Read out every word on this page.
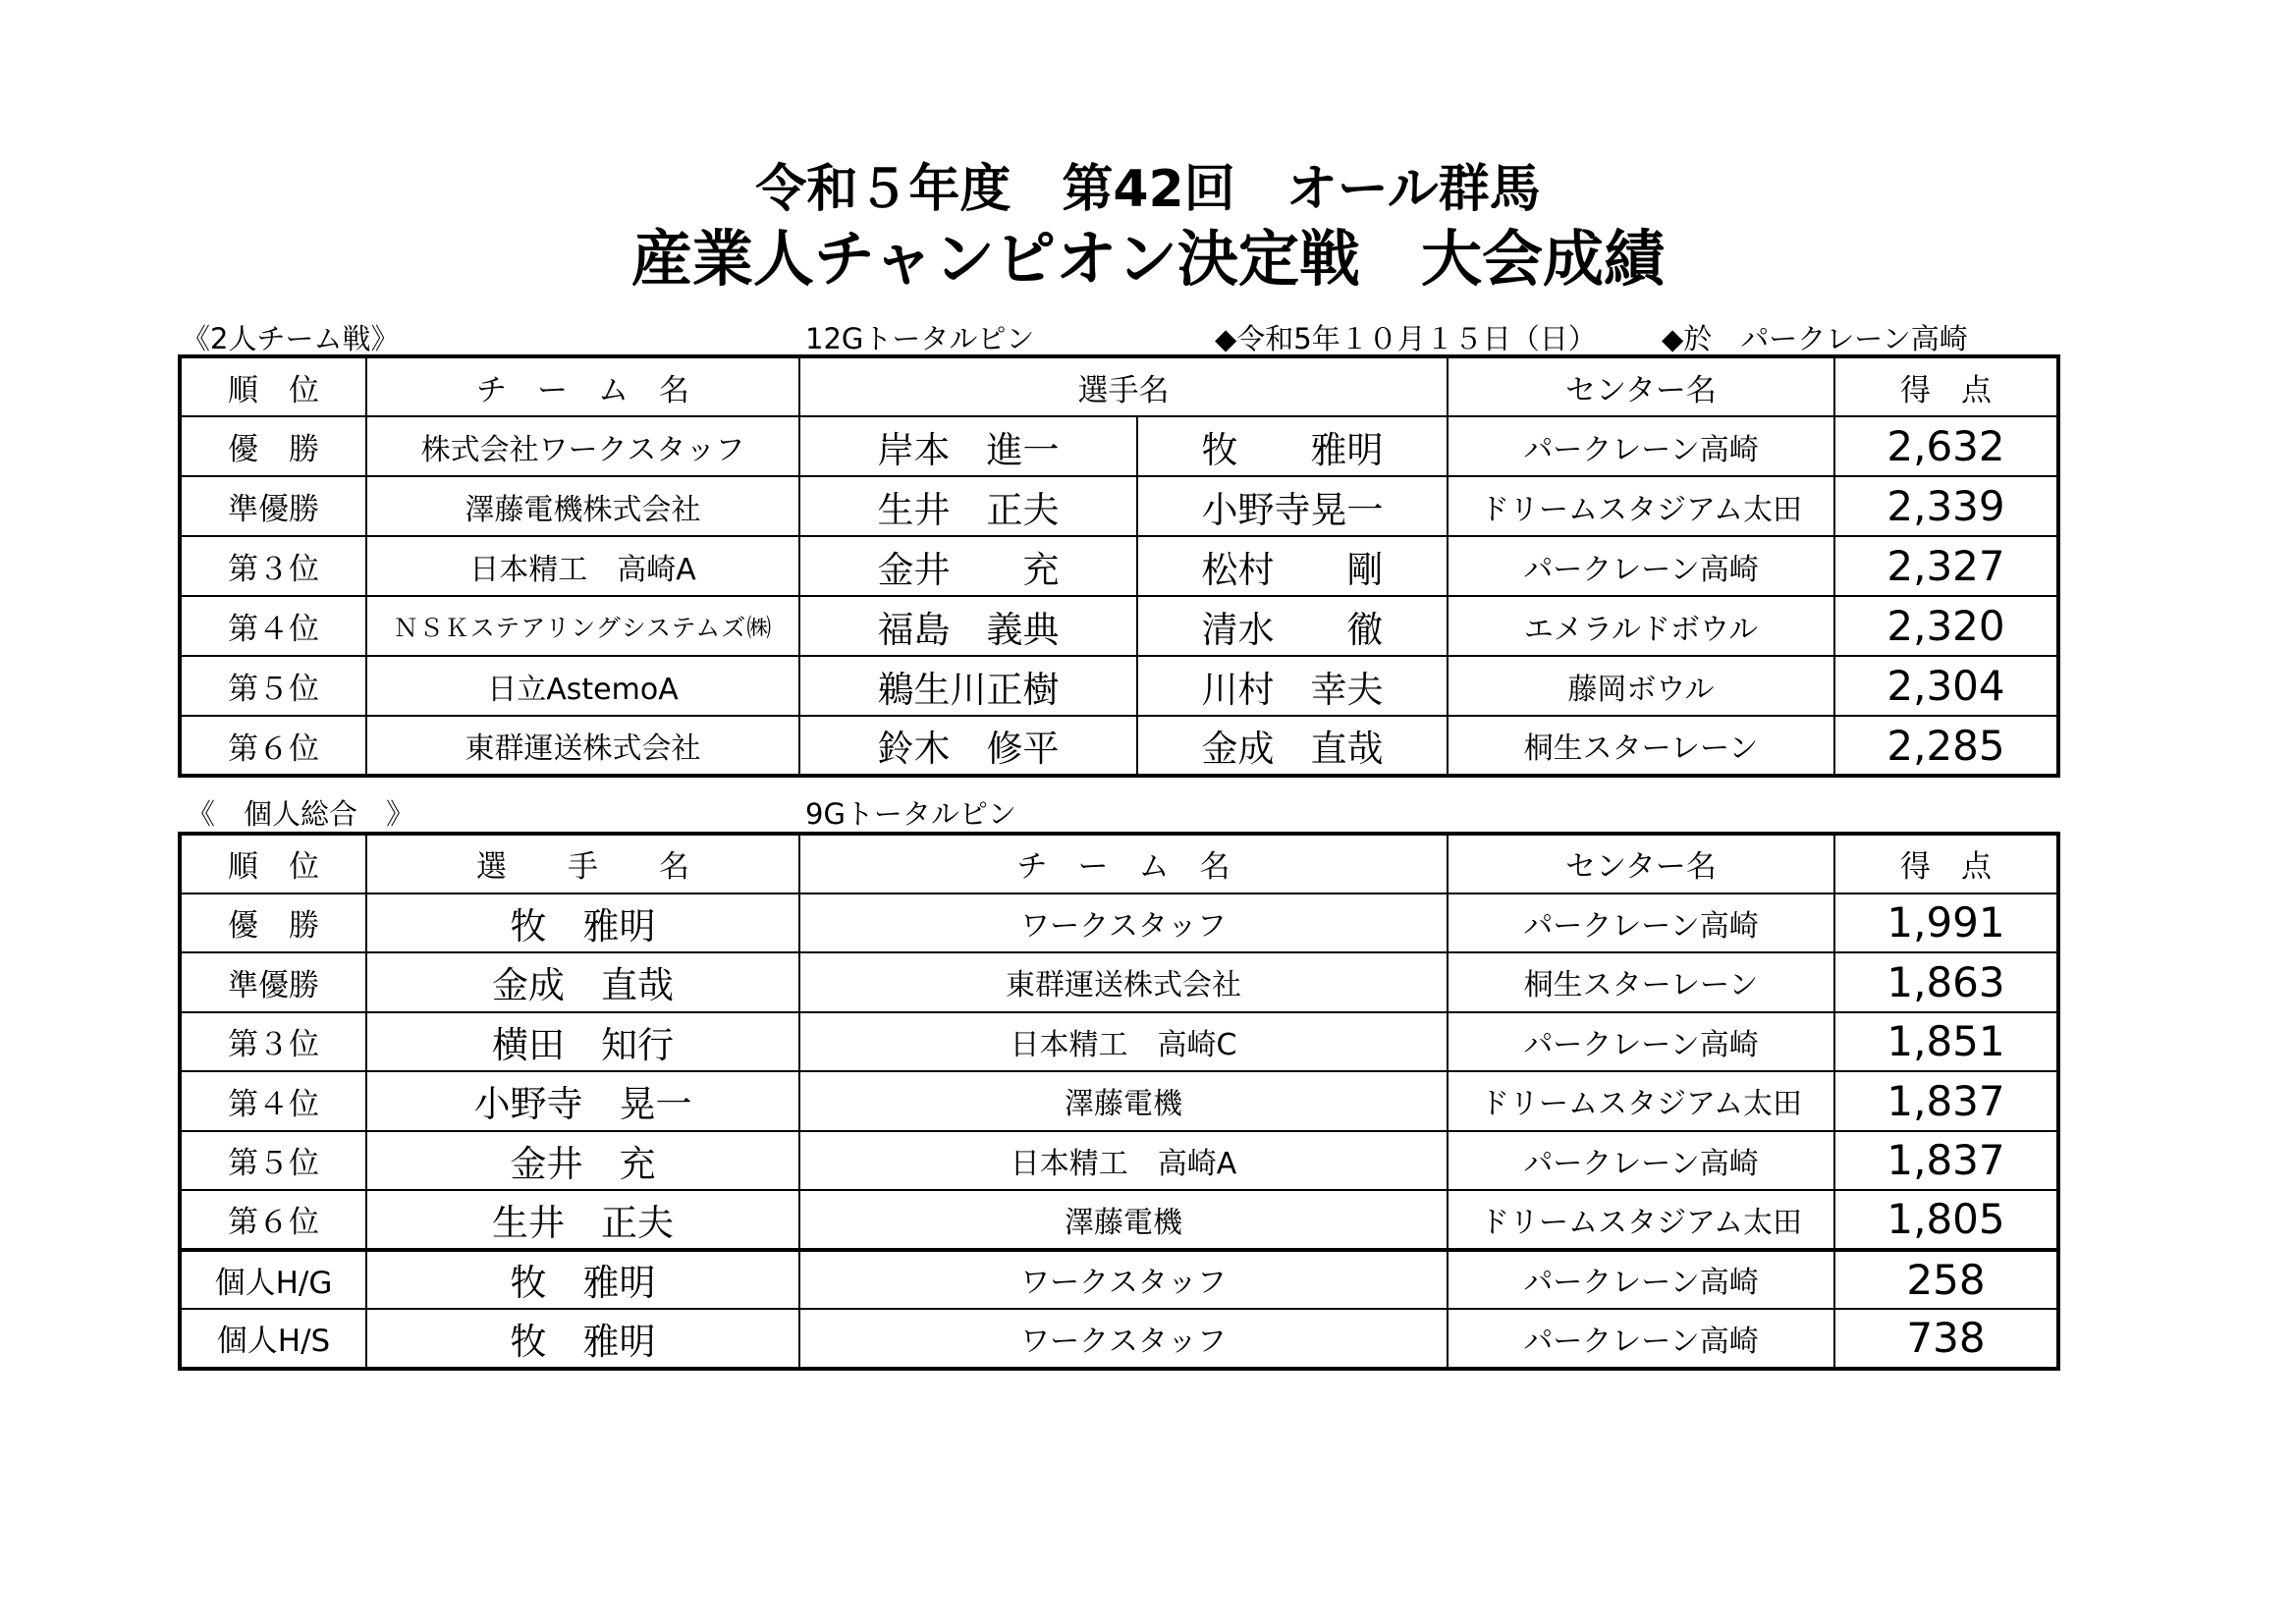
令和５年度　第42回　オール群馬
産業人チャンピオン決定戦　大会成績
《2人チーム戦》	12Gトータルピン	◆令和5年１０月１５日（日） ◆於　パークレーン高崎
順　位	チ　ー　ム　名	選手名		センター名	得　点
優　勝	株式会社ワークスタッフ	岸本　進一	牧　　雅明	パークレーン高崎	2,632
準優勝	澤藤電機株式会社	生井　正夫	小野寺晃一	ドリームスタジアム太田	2,339
第３位	日本精工　高崎A	金井　　充	松村　　剛	パークレーン高崎	2,327
第４位	ＮＳＫステアリングシステムズ㈱	福島　義典	清水　　徹	エメラルドボウル	2,320
第５位	日立AstemoA	鵜生川正樹	川村　幸夫	藤岡ボウル	2,304
第６位	東群運送株式会社	鈴木　修平	金成　直哉	桐生スターレーン	2,285
《　個人総合　》	9Gトータルピン
順　位	選　　手　　名	チ　ー　ム　名	センター名	得　点
優　勝	牧　雅明	ワークスタッフ	パークレーン高崎	1,991
準優勝	金成　直哉	東群運送株式会社	桐生スターレーン	1,863
第３位	横田　知行	日本精工　高崎C	パークレーン高崎	1,851
第４位	小野寺　晃一	澤藤電機	ドリームスタジアム太田	1,837
第５位	金井　充	日本精工　高崎A	パークレーン高崎	1,837
第６位	生井　正夫	澤藤電機	ドリームスタジアム太田	1,805
個人H/G	牧　雅明	ワークスタッフ	パークレーン高崎	258
個人H/S	牧　雅明	ワークスタッフ	パークレーン高崎	738
